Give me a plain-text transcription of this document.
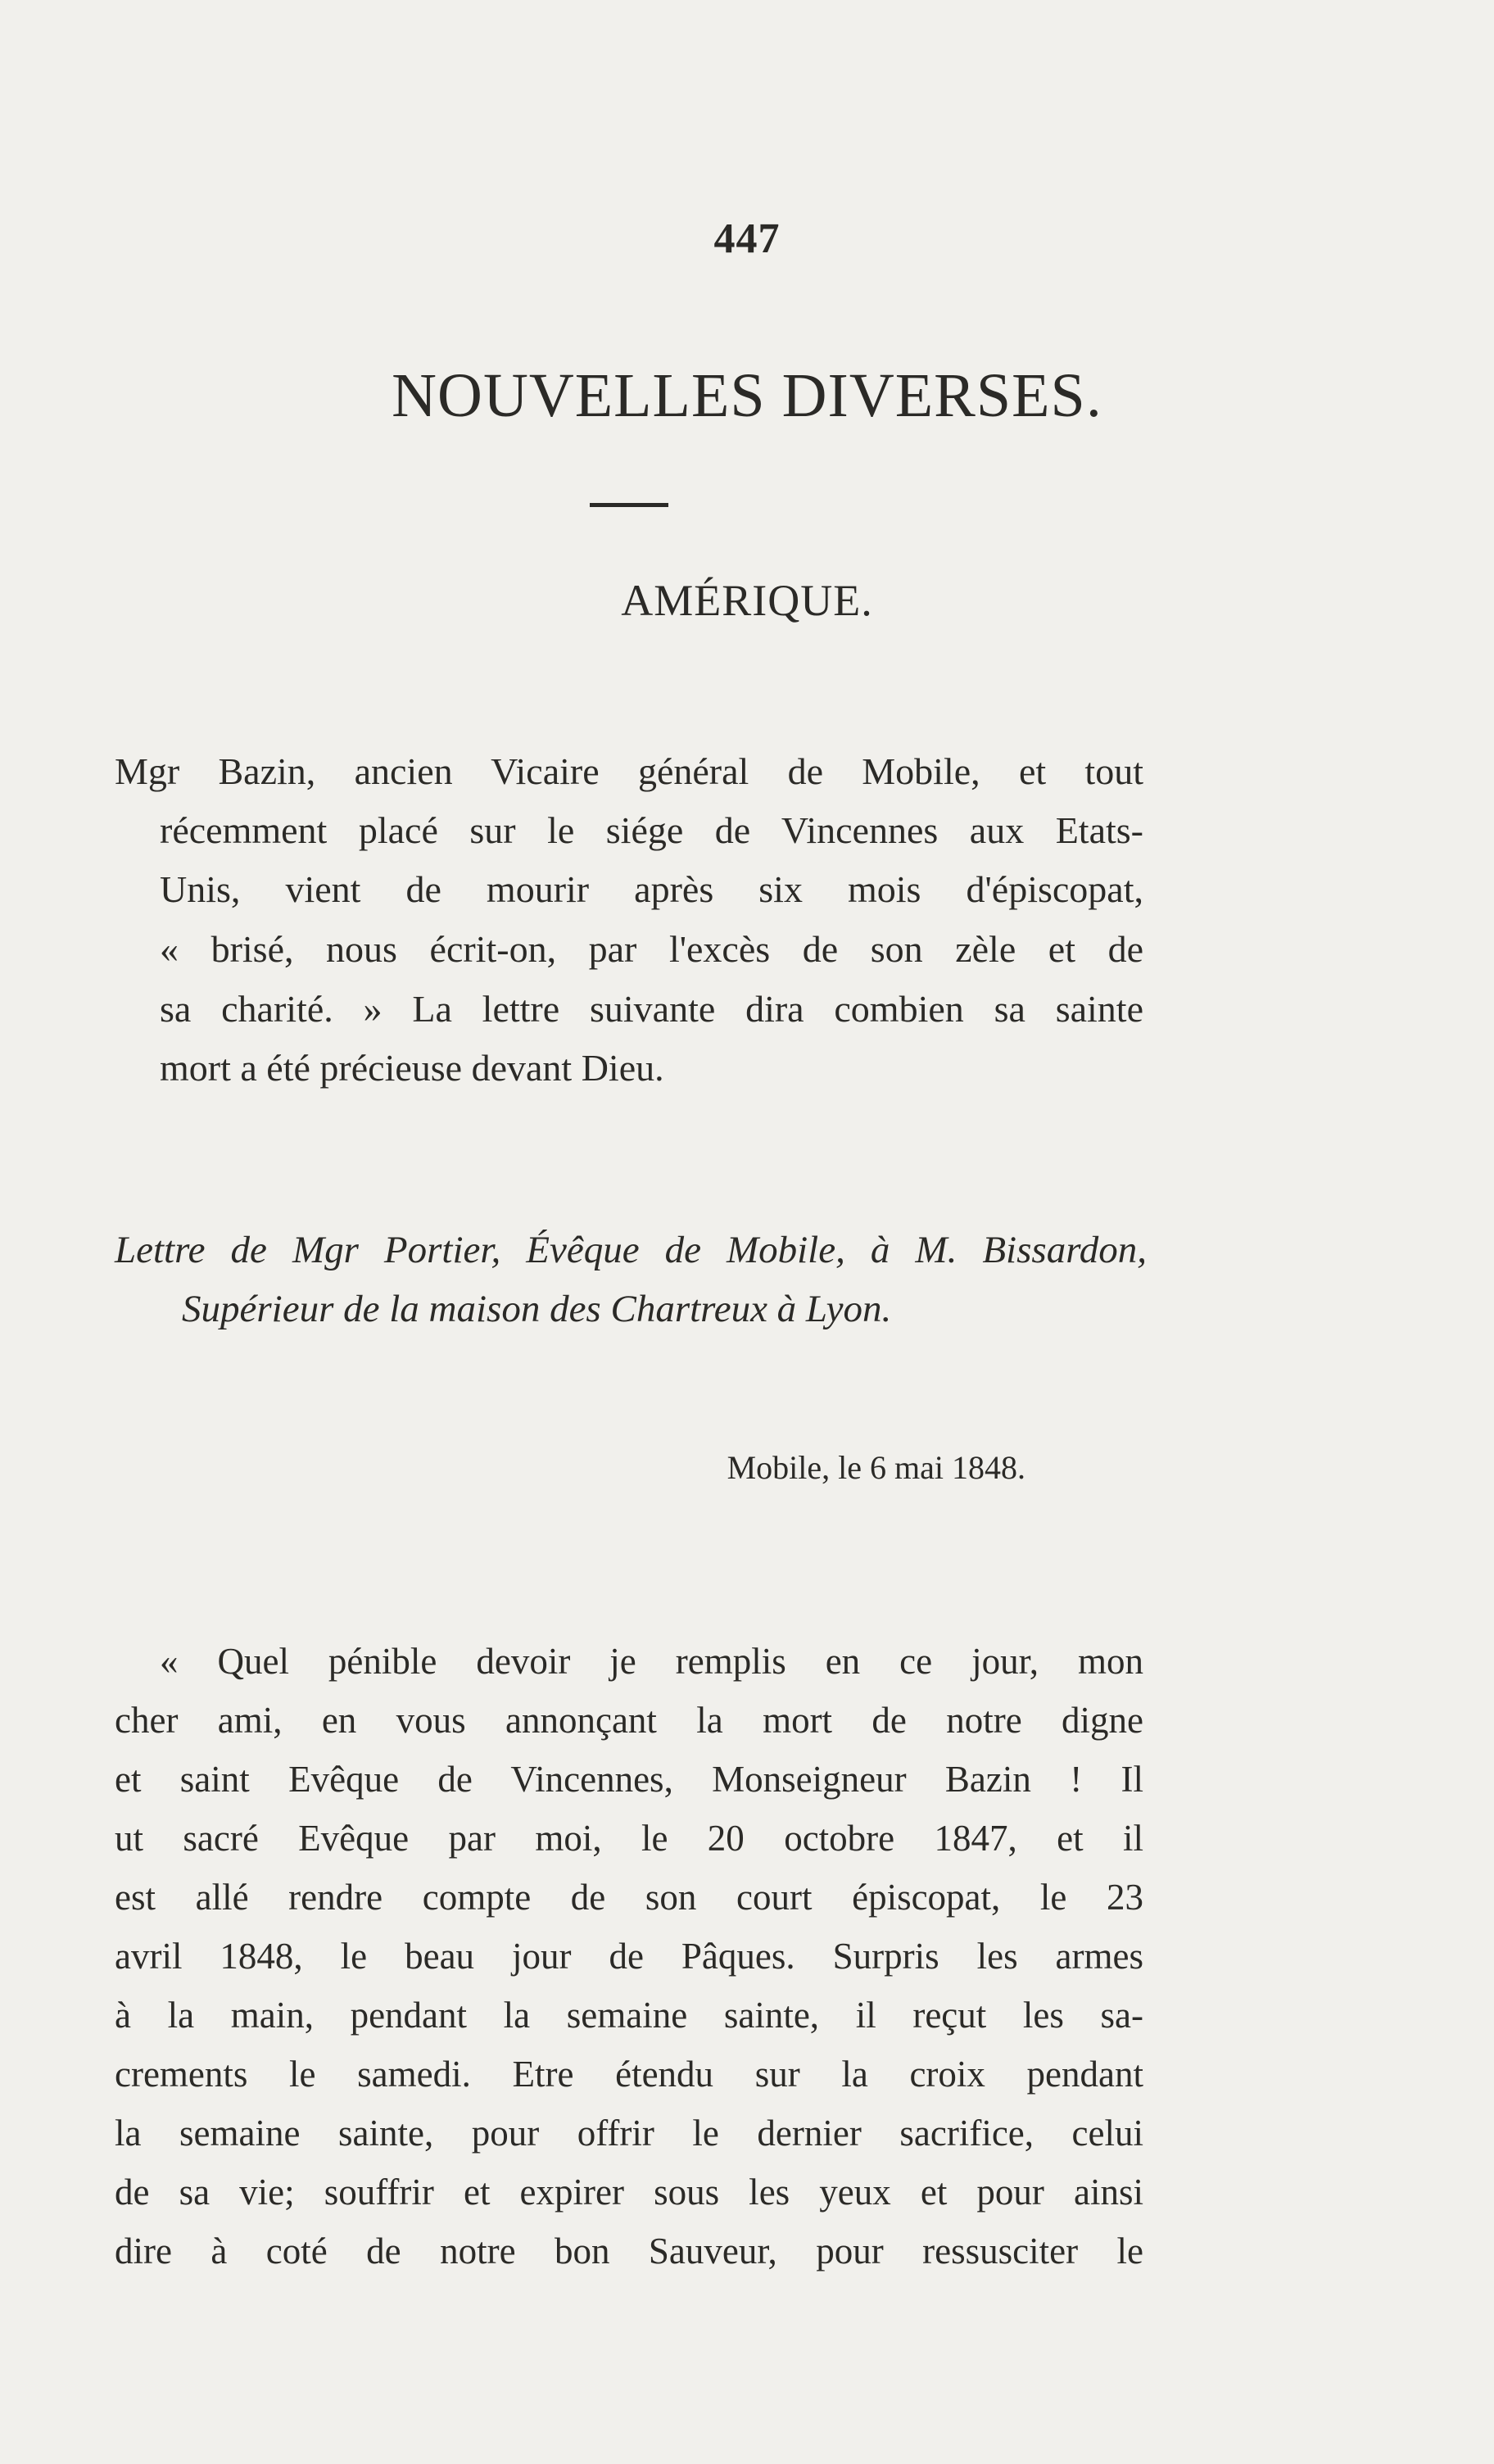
447
NOUVELLES DIVERSES.
AMÉRIQUE.
Mgr Bazin, ancien Vicaire général de Mobile, et tout
récemment placé sur le siége de Vincennes aux Etats-
Unis, vient de mourir après six mois d'épiscopat,
« brisé, nous écrit-on, par l'excès de son zèle et de
sa charité. » La lettre suivante dira combien sa sainte
mort a été précieuse devant Dieu.
Lettre de Mgr Portier, Évêque de Mobile, à M. Bissardon,
Supérieur de la maison des Chartreux à Lyon.
Mobile, le 6 mai 1848.
« Quel pénible devoir je remplis en ce jour, mon
cher ami, en vous annonçant la mort de notre digne
et saint Evêque de Vincennes, Monseigneur Bazin ! Il
ut sacré Evêque par moi, le 20 octobre 1847, et il
est allé rendre compte de son court épiscopat, le 23
avril 1848, le beau jour de Pâques. Surpris les armes
à la main, pendant la semaine sainte, il reçut les sa-
crements le samedi. Etre étendu sur la croix pendant
la semaine sainte, pour offrir le dernier sacrifice, celui
de sa vie; souffrir et expirer sous les yeux et pour ainsi
dire à coté de notre bon Sauveur, pour ressusciter le
